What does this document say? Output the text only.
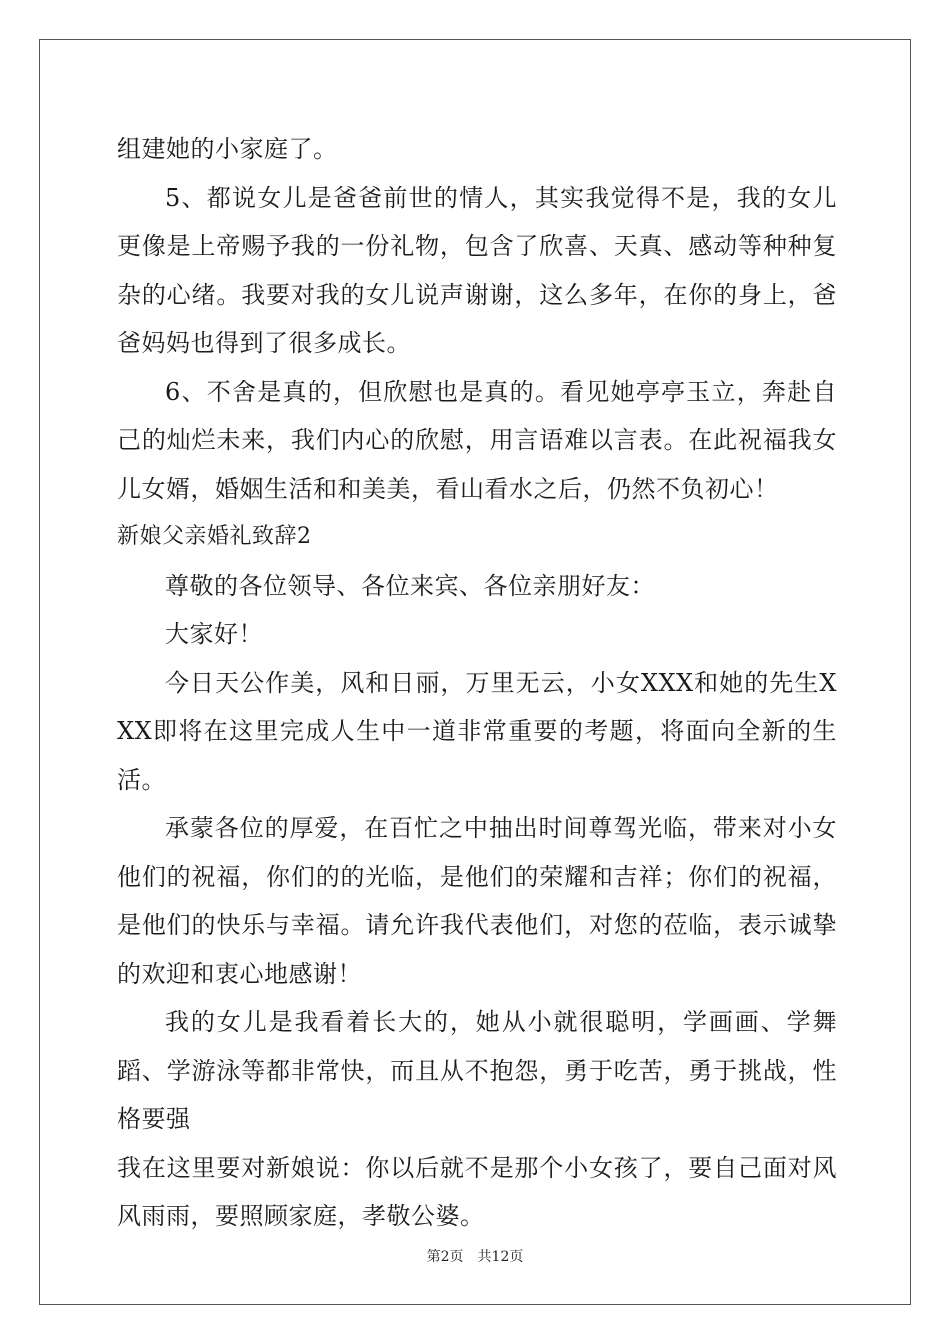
组建她的小家庭了。

5、都说女儿是爸爸前世的情人，其实我觉得不是，我的女儿更像是上帝赐予我的一份礼物，包含了欣喜、天真、感动等种种复杂的心绪。我要对我的女儿说声谢谢，这么多年，在你的身上，爸爸妈妈也得到了很多成长。

6、不舍是真的，但欣慰也是真的。看见她亭亭玉立，奔赴自己的灿烂未来，我们内心的欣慰，用言语难以言表。在此祝福我女儿女婿，婚姻生活和和美美，看山看水之后，仍然不负初心！

新娘父亲婚礼致辞2

尊敬的各位领导、各位来宾、各位亲朋好友：

大家好！

今日天公作美，风和日丽，万里无云，小女XXX和她的先生XXX即将在这里完成人生中一道非常重要的考题，将面向全新的生活。

承蒙各位的厚爱，在百忙之中抽出时间尊驾光临，带来对小女他们的祝福，你们的的光临，是他们的荣耀和吉祥；你们的祝福，是他们的快乐与幸福。请允许我代表他们，对您的莅临，表示诚挚的欢迎和衷心地感谢！

我的女儿是我看着长大的，她从小就很聪明，学画画、学舞蹈、学游泳等都非常快，而且从不抱怨，勇于吃苦，勇于挑战，性格要强

我在这里要对新娘说：你以后就不是那个小女孩了，要自己面对风风雨雨，要照顾家庭，孝敬公婆。

第2页 共12页
